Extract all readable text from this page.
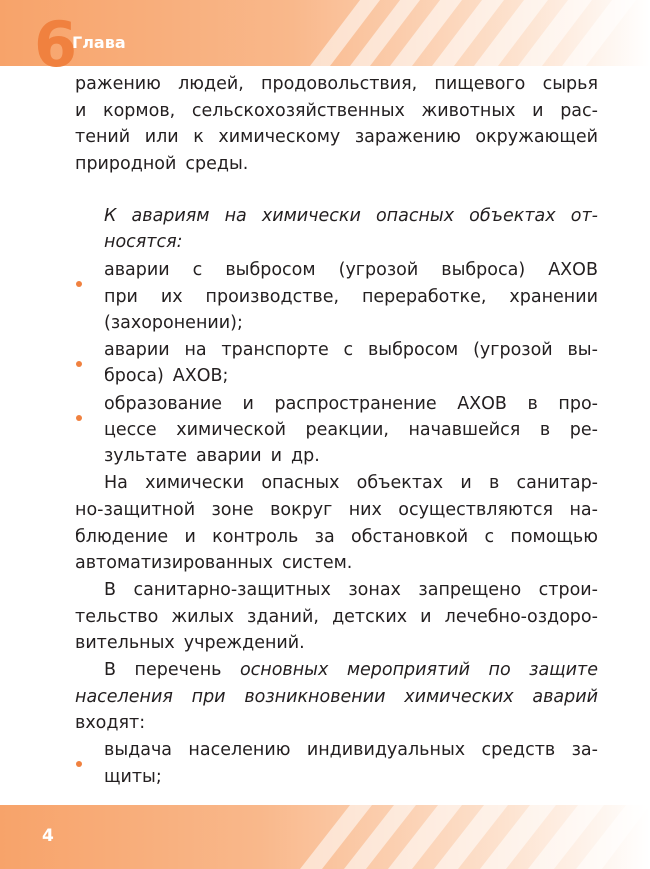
6
Глава
ражению людей, продовольствия, пищевого сырья
и кормов, сельскохозяйственных животных и рас-
тений или к химическому заражению окружающей
природной среды.
К авариям на химически опасных объектах от-
носятся:
аварии с выбросом (угрозой выброса) АХОВ
при их производстве, переработке, хранении
(захоронении);
аварии на транспорте с выбросом (угрозой вы-
броса) АХОВ;
образование и распространение АХОВ в про-
цессе химической реакции, начавшейся в ре-
зультате аварии и др.
На химически опасных объектах и в санитар-
но-защитной зоне вокруг них осуществляются на-
блюдение и контроль за обстановкой с помощью
автоматизированных систем.
В санитарно-защитных зонах запрещено строи-
тельство жилых зданий, детских и лечебно-оздоро-
вительных учреждений.
В перечень основных мероприятий по защите
населения при возникновении химических аварий
входят:
выдача населению индивидуальных средств за-
щиты;
4
